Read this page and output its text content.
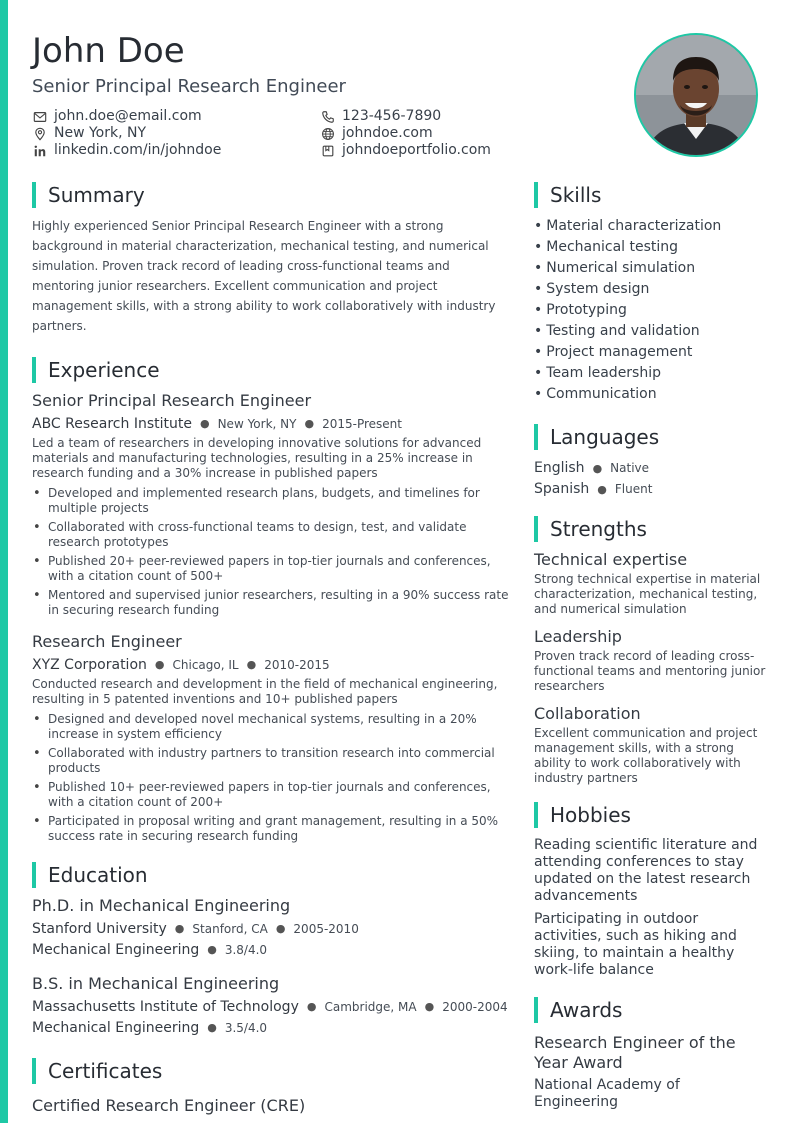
John Doe
Senior Principal Research Engineer
john.doe@email.com
New York, NY
linkedin.com/in/johndoe
123-456-7890
johndoe.com
johndoeportfolio.com
Summary
Highly experienced Senior Principal Research Engineer with a strong background in material characterization, mechanical testing, and numerical simulation. Proven track record of leading cross-functional teams and mentoring junior researchers. Excellent communication and project management skills, with a strong ability to work collaboratively with industry partners.
Experience
Senior Principal Research Engineer
ABC Research Institute ● New York, NY ● 2015-Present
Led a team of researchers in developing innovative solutions for advanced materials and manufacturing technologies, resulting in a 25% increase in research funding and a 30% increase in published papers
• Developed and implemented research plans, budgets, and timelines for multiple projects
• Collaborated with cross-functional teams to design, test, and validate research prototypes
• Published 20+ peer-reviewed papers in top-tier journals and conferences, with a citation count of 500+
• Mentored and supervised junior researchers, resulting in a 90% success rate in securing research funding
Research Engineer
XYZ Corporation ● Chicago, IL ● 2010-2015
Conducted research and development in the field of mechanical engineering, resulting in 5 patented inventions and 10+ published papers
• Designed and developed novel mechanical systems, resulting in a 20% increase in system efficiency
• Collaborated with industry partners to transition research into commercial products
• Published 10+ peer-reviewed papers in top-tier journals and conferences, with a citation count of 200+
• Participated in proposal writing and grant management, resulting in a 50% success rate in securing research funding
Education
Ph.D. in Mechanical Engineering
Stanford University ● Stanford, CA ● 2005-2010
Mechanical Engineering ● 3.8/4.0
B.S. in Mechanical Engineering
Massachusetts Institute of Technology ● Cambridge, MA ● 2000-2004
Mechanical Engineering ● 3.5/4.0
Certificates
Certified Research Engineer (CRE)
Skills
• Material characterization
• Mechanical testing
• Numerical simulation
• System design
• Prototyping
• Testing and validation
• Project management
• Team leadership
• Communication
Languages
English ● Native
Spanish ● Fluent
Strengths
Technical expertise
Strong technical expertise in material characterization, mechanical testing, and numerical simulation
Leadership
Proven track record of leading cross-functional teams and mentoring junior researchers
Collaboration
Excellent communication and project management skills, with a strong ability to work collaboratively with industry partners
Hobbies
Reading scientific literature and attending conferences to stay updated on the latest research advancements
Participating in outdoor activities, such as hiking and skiing, to maintain a healthy work-life balance
Awards
Research Engineer of the Year Award
National Academy of Engineering
